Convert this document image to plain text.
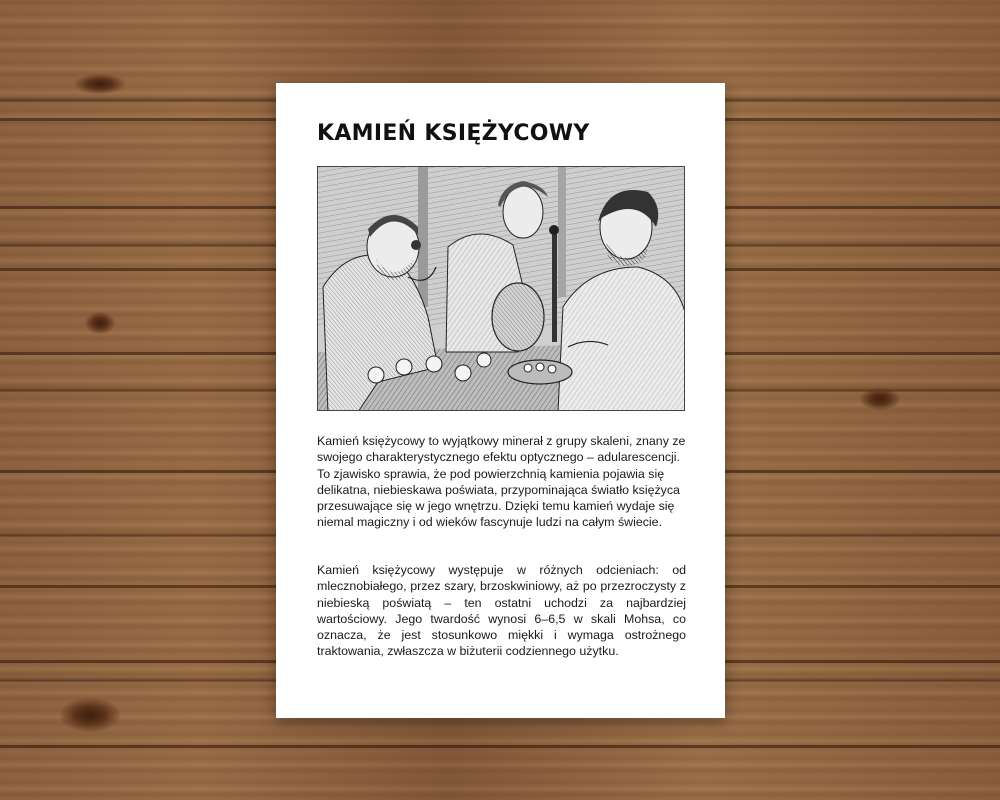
KAMIEŃ KSIĘŻYCOWY

Kamień księżycowy to wyjątkowy minerał z grupy skaleni, znany ze swojego charakterystycznego efektu optycznego – adularescencji. To zjawisko sprawia, że pod powierzchnią kamienia pojawia się delikatna, niebieskawa poświata, przypominająca światło księżyca przesuwające się w jego wnętrzu. Dzięki temu kamień wydaje się niemal magiczny i od wieków fascynuje ludzi na całym świecie.

Kamień księżycowy występuje w różnych odcieniach: od mlecznobiałego, przez szary, brzoskwiniowy, aż po przezroczysty z niebieską poświatą – ten ostatni uchodzi za najbardziej wartościowy. Jego twardość wynosi 6–6,5 w skali Mohsa, co oznacza, że jest stosunkowo miękki i wymaga ostrożnego traktowania, zwłaszcza w biżuterii codziennego użytku.
